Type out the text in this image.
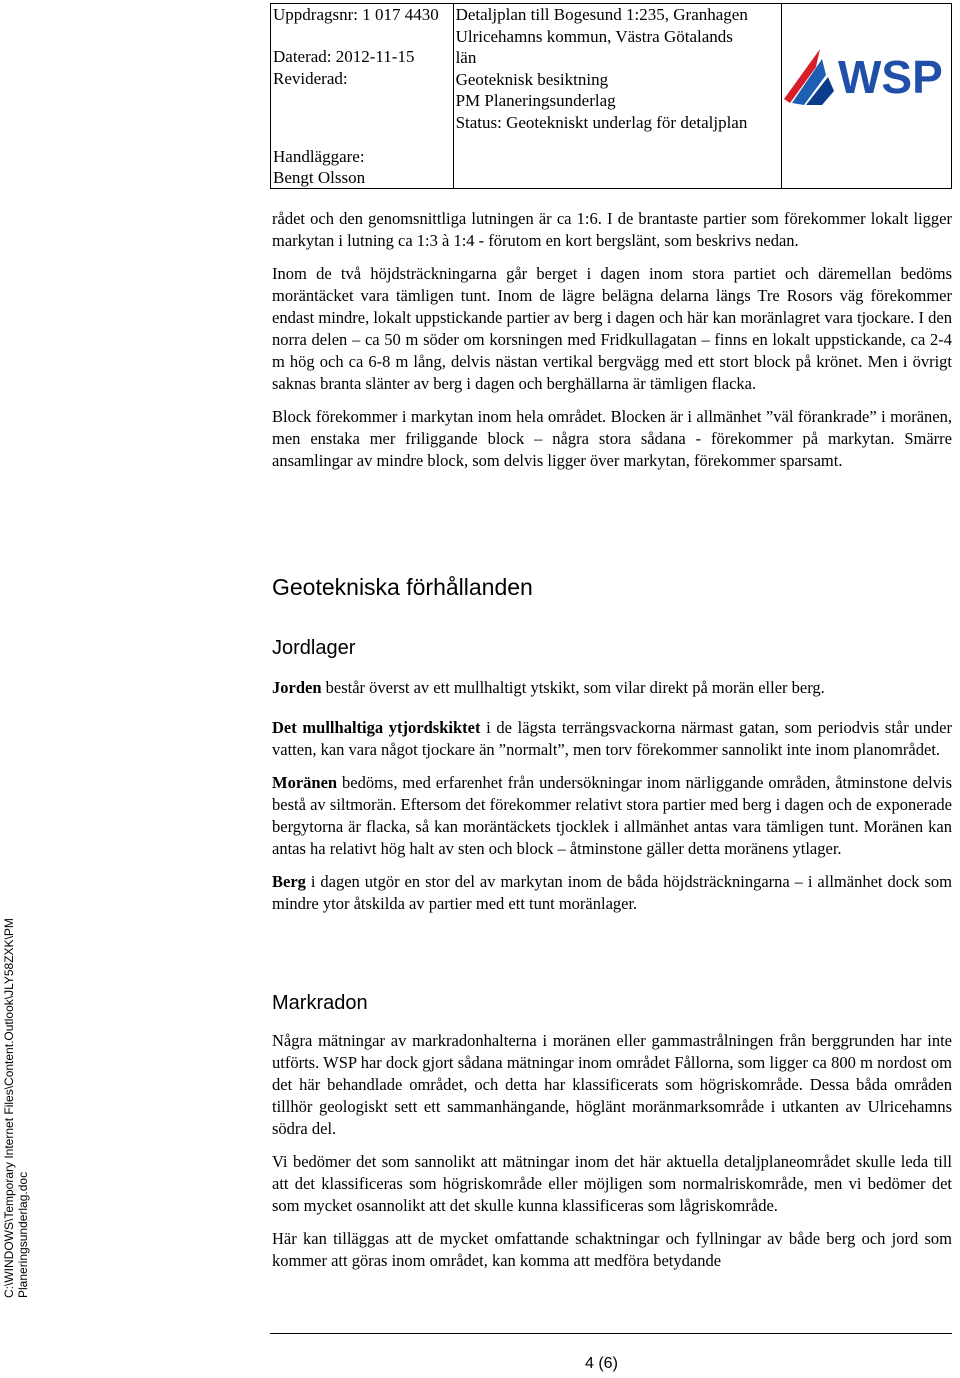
Uppdragsnr: 1 017 4430
Daterad: 2012-11-15
Reviderad:
Handläggare: Bengt Olsson

Detaljplan till Bogesund 1:235, Granhagen
Ulricehamns kommun, Västra Götalands län
Geoteknisk besiktning
PM Planeringsunderlag
Status: Geotekniskt underlag för detaljplan

WSP

rådet och den genomsnittliga lutningen är ca 1:6. I de brantaste partier som förekommer lokalt ligger markytan i lutning ca 1:3 à 1:4 - förutom en kort bergslänt, som beskrivs nedan.

Inom de två höjdsträckningarna går berget i dagen inom stora partiet och däremellan bedöms moräntäcket vara tämligen tunt. Inom de lägre belägna delarna längs Tre Rosors väg förekommer endast mindre, lokalt uppstickande partier av berg i dagen och här kan moränlagret vara tjockare. I den norra delen – ca 50 m söder om korsningen med Fridkullagatan – finns en lokalt uppstickande, ca 2-4 m hög och ca 6-8 m lång, delvis nästan vertikal bergvägg med ett stort block på krönet. Men i övrigt saknas branta slänter av berg i dagen och berghällarna är tämligen flacka.

Block förekommer i markytan inom hela området. Blocken är i allmänhet ”väl förankrade” i moränen, men enstaka mer friliggande block – några stora sådana - förekommer på markytan. Smärre ansamlingar av mindre block, som delvis ligger över markytan, förekommer sparsamt.

Geotekniska förhållanden
Jordlager

Jorden består överst av ett mullhaltigt ytskikt, som vilar direkt på morän eller berg.

Det mullhaltiga ytjordskiktet i de lägsta terrängsvackorna närmast gatan, som periodvis står under vatten, kan vara något tjockare än ”normalt”, men torv förekommer sannolikt inte inom planområdet.

Moränen bedöms, med erfarenhet från undersökningar inom närliggande områden, åtminstone delvis bestå av siltmorän. Eftersom det förekommer relativt stora partier med berg i dagen och de exponerade bergytorna är flacka, så kan moräntäckets tjocklek i allmänhet antas vara tämligen tunt. Moränen kan antas ha relativt hög halt av sten och block – åtminstone gäller detta moränens ytlager.

Berg i dagen utgör en stor del av markytan inom de båda höjdsträckningarna – i allmänhet dock som mindre ytor åtskilda av partier med ett tunt moränlager.

Markradon

Några mätningar av markradonhalterna i moränen eller gammastrålningen från berggrunden har inte utförts. WSP har dock gjort sådana mätningar inom området Fållorna, som ligger ca 800 m nordost om det här behandlade området, och detta har klassificerats som högriskområde. Dessa båda områden tillhör geologiskt sett ett sammanhängande, höglänt moränmarksområde i utkanten av Ulricehamns södra del.

Vi bedömer det som sannolikt att mätningar inom det här aktuella detaljplaneområdet skulle leda till att det klassificeras som högriskområde eller möjligen som normalriskområde, men vi bedömer det som mycket osannolikt att det skulle kunna klassificeras som lågriskområde.

Här kan tilläggas att de mycket omfattande schaktningar och fyllningar av både berg och jord som kommer att göras inom området, kan komma att medföra betydande

C:\WINDOWS\Temporary Internet Files\Content.Outlook\JLY58ZXK\PM Planeringsunderlag.doc
4 (6)
